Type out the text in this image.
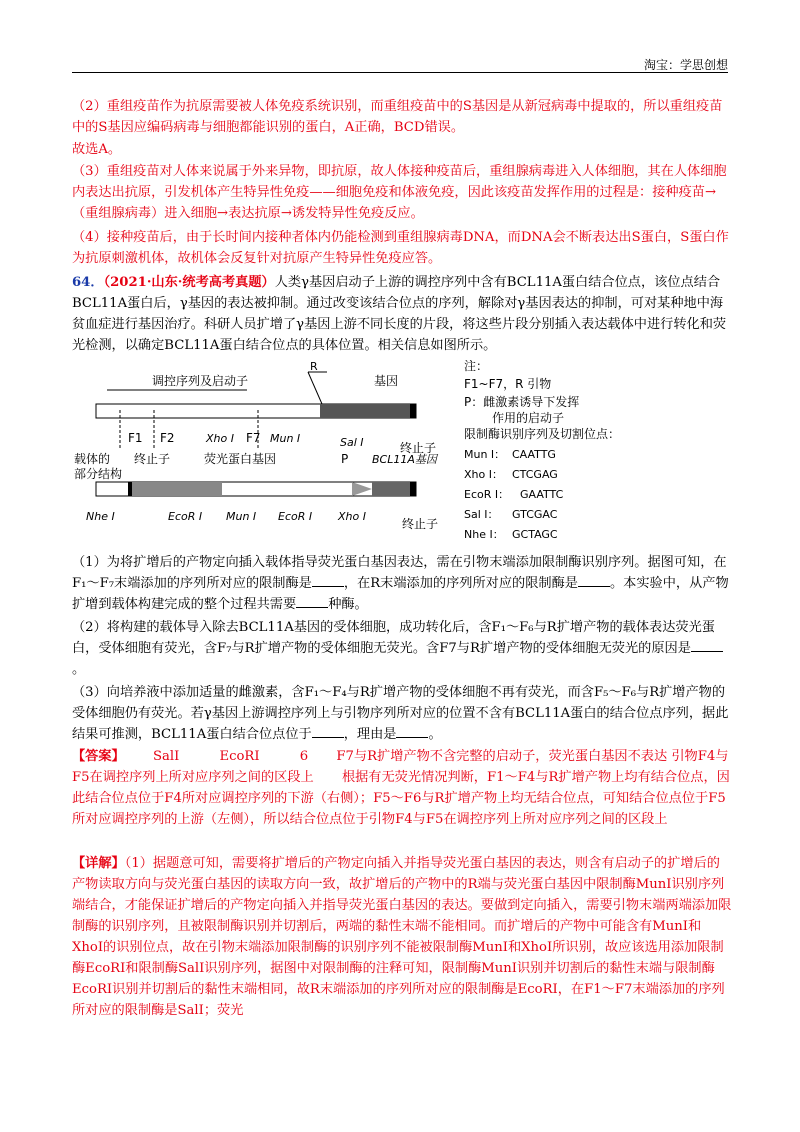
淘宝：学思创想

（2）重组疫苗作为抗原需要被人体免疫系统识别，而重组疫苗中的S基因是从新冠病毒中提取的，所以重组疫苗中的S基因应编码病毒与细胞都能识别的蛋白，A正确，BCD错误。

故选A。

（3）重组疫苗对人体来说属于外来异物，即抗原，故人体接种疫苗后，重组腺病毒进入人体细胞，其在人体细胞内表达出抗原，引发机体产生特异性免疫——细胞免疫和体液免疫，因此该疫苗发挥作用的过程是：接种疫苗→（重组腺病毒）进入细胞→表达抗原→诱发特异性免疫反应。

（4）接种疫苗后，由于长时间内接种者体内仍能检测到重组腺病毒DNA，而DNA会不断表达出S蛋白，S蛋白作为抗原刺激机体，故机体会反复针对抗原产生特异性免疫应答。

64．（2021·山东·统考高考真题）人类γ基因启动子上游的调控序列中含有BCL11A蛋白结合位点，该位点结合BCL11A蛋白后，γ基因的表达被抑制。通过改变该结合位点的序列，解除对γ基因表达的抑制，可对某种地中海贫血症进行基因治疗。科研人员扩增了γ基因上游不同长度的片段，将这些片段分别插入表达载体中进行转化和荧光检测，以确定BCL11A蛋白结合位点的具体位置。相关信息如图所示。

调控序列及启动子
R
基因
F1 F2	Xho I F7 Mun I	Sal I	终止子
载体的
部分结构
终止子	荧光蛋白基因	P BCL11A基因
Nhe I	EcoR I Mun I EcoR I Xho I
终止子
注：
F1~F7，R 引物
P：雌激素诱导下发挥
作用的启动子
限制酶识别序列及切割位点：
Mun I： CAATTG
Xho I： CTCGAG
EcoR I： GAATTC
Sal I： GTCGAC
Nhe I： GCTAGC

（1）为将扩增后的产物定向插入载体指导荧光蛋白基因表达，需在引物末端添加限制酶识别序列。据图可知，在F₁～F₇末端添加的序列所对应的限制酶是 ，在R末端添加的序列所对应的限制酶是 。本实验中，从产物扩增到载体构建完成的整个过程共需要 种酶。

（2）将构建的载体导入除去BCL11A基因的受体细胞，成功转化后，含F₁～F₆与R扩增产物的载体表达荧光蛋白，受体细胞有荧光，含F₇与R扩增产物的受体细胞无荧光。含F7与R扩增产物的受体细胞无荧光的原因是。

（3）向培养液中添加适量的雌激素，含F₁～F₄与R扩增产物的受体细胞不再有荧光，而含F₅～F₆与R扩增产物的受体细胞仍有荧光。若γ基因上游调控序列上与引物序列所对应的位置不含有BCL11A蛋白的结合位点序列，据此结果可推测，BCL11A蛋白结合位点位于 ，理由是 。

【答案】 SalI	EcoRI	6 F7与R扩增产物不含完整的启动子，荧光蛋白基因不表达 引物F4与F5在调控序列上所对应序列之间的区段上 根据有无荧光情况判断，F1～F4与R扩增产物上均有结合位点，因此结合位点位于F4所对应调控序列的下游（右侧）；F5～F6与R扩增产物上均无结合位点，可知结合位点位于F5所对应调控序列的上游（左侧），所以结合位点位于引物F4与F5在调控序列上所对应序列之间的区段上

【详解】（1）据题意可知，需要将扩增后的产物定向插入并指导荧光蛋白基因的表达，则含有启动子的扩增后的产物读取方向与荧光蛋白基因的读取方向一致，故扩增后的产物中的R端与荧光蛋白基因中限制酶MunⅠ识别序列端结合，才能保证扩增后的产物定向插入并指导荧光蛋白基因的表达。要做到定向插入，需要引物末端两端添加限制酶的识别序列，且被限制酶识别并切割后，两端的黏性末端不能相同。而扩增后的产物中可能含有MunⅠ和XhoⅠ的识别位点，故在引物末端添加限制酶的识别序列不能被限制酶MunⅠ和XhoⅠ所识别，故应该选用添加限制酶EcoRⅠ和限制酶SalⅠ识别序列，据图中对限制酶的注释可知，限制酶MunⅠ识别并切割后的黏性末端与限制酶EcoRⅠ识别并切割后的黏性末端相同，故R末端添加的序列所对应的限制酶是EcoRⅠ，在F1～F7末端添加的序列所对应的限制酶是SalⅠ；荧光
